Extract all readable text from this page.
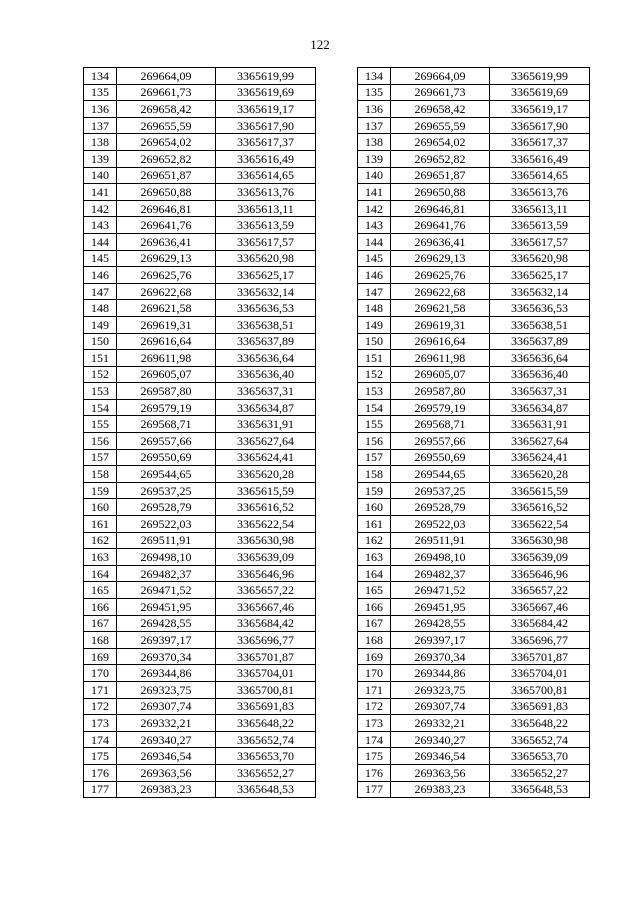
122
134	269664,09	3365619,99
135	269661,73	3365619,69
136	269658,42	3365619,17
137	269655,59	3365617,90
138	269654,02	3365617,37
139	269652,82	3365616,49
140	269651,87	3365614,65
141	269650,88	3365613,76
142	269646,81	3365613,11
143	269641,76	3365613,59
144	269636,41	3365617,57
145	269629,13	3365620,98
146	269625,76	3365625,17
147	269622,68	3365632,14
148	269621,58	3365636,53
149	269619,31	3365638,51
150	269616,64	3365637,89
151	269611,98	3365636,64
152	269605,07	3365636,40
153	269587,80	3365637,31
154	269579,19	3365634,87
155	269568,71	3365631,91
156	269557,66	3365627,64
157	269550,69	3365624,41
158	269544,65	3365620,28
159	269537,25	3365615,59
160	269528,79	3365616,52
161	269522,03	3365622,54
162	269511,91	3365630,98
163	269498,10	3365639,09
164	269482,37	3365646,96
165	269471,52	3365657,22
166	269451,95	3365667,46
167	269428,55	3365684,42
168	269397,17	3365696,77
169	269370,34	3365701,87
170	269344,86	3365704,01
171	269323,75	3365700,81
172	269307,74	3365691,83
173	269332,21	3365648,22
174	269340,27	3365652,74
175	269346,54	3365653,70
176	269363,56	3365652,27
177	269383,23	3365648,53
134	269664,09	3365619,99
135	269661,73	3365619,69
136	269658,42	3365619,17
137	269655,59	3365617,90
138	269654,02	3365617,37
139	269652,82	3365616,49
140	269651,87	3365614,65
141	269650,88	3365613,76
142	269646,81	3365613,11
143	269641,76	3365613,59
144	269636,41	3365617,57
145	269629,13	3365620,98
146	269625,76	3365625,17
147	269622,68	3365632,14
148	269621,58	3365636,53
149	269619,31	3365638,51
150	269616,64	3365637,89
151	269611,98	3365636,64
152	269605,07	3365636,40
153	269587,80	3365637,31
154	269579,19	3365634,87
155	269568,71	3365631,91
156	269557,66	3365627,64
157	269550,69	3365624,41
158	269544,65	3365620,28
159	269537,25	3365615,59
160	269528,79	3365616,52
161	269522,03	3365622,54
162	269511,91	3365630,98
163	269498,10	3365639,09
164	269482,37	3365646,96
165	269471,52	3365657,22
166	269451,95	3365667,46
167	269428,55	3365684,42
168	269397,17	3365696,77
169	269370,34	3365701,87
170	269344,86	3365704,01
171	269323,75	3365700,81
172	269307,74	3365691,83
173	269332,21	3365648,22
174	269340,27	3365652,74
175	269346,54	3365653,70
176	269363,56	3365652,27
177	269383,23	3365648,53
